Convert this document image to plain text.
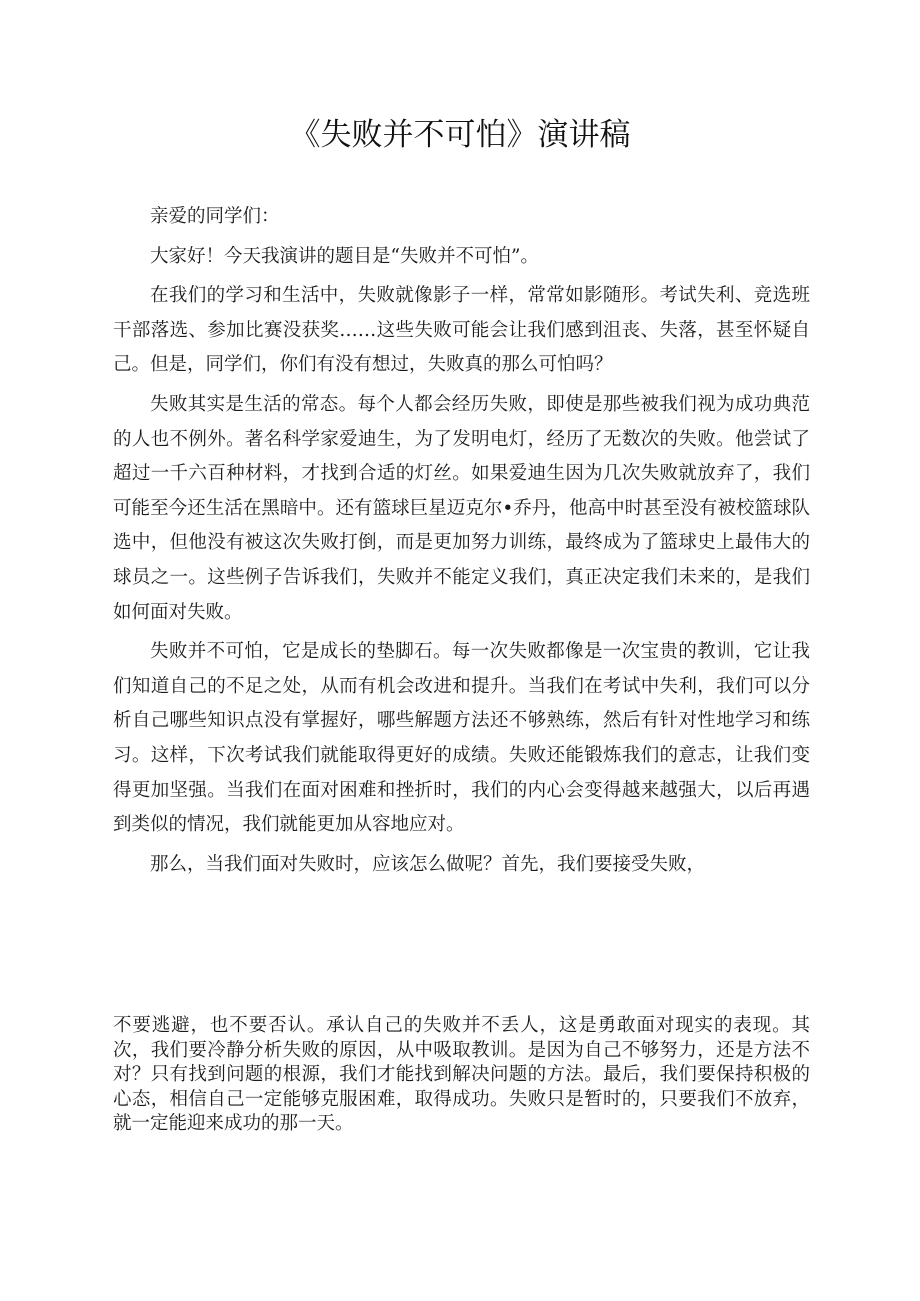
《失败并不可怕》演讲稿

亲爱的同学们：

大家好！今天我演讲的题目是“失败并不可怕”。

在我们的学习和生活中，失败就像影子一样，常常如影随形。考试失利、竞选班干部落选、参加比赛没获奖……这些失败可能会让我们感到沮丧、失落，甚至怀疑自己。但是，同学们，你们有没有想过，失败真的那么可怕吗？

失败其实是生活的常态。每个人都会经历失败，即使是那些被我们视为成功典范的人也不例外。著名科学家爱迪生，为了发明电灯，经历了无数次的失败。他尝试了超过一千六百种材料，才找到合适的灯丝。如果爱迪生因为几次失败就放弃了，我们可能至今还生活在黑暗中。还有篮球巨星迈克尔•乔丹，他高中时甚至没有被校篮球队选中，但他没有被这次失败打倒，而是更加努力训练，最终成为了篮球史上最伟大的球员之一。这些例子告诉我们，失败并不能定义我们，真正决定我们未来的，是我们如何面对失败。

失败并不可怕，它是成长的垫脚石。每一次失败都像是一次宝贵的教训，它让我们知道自己的不足之处，从而有机会改进和提升。当我们在考试中失利，我们可以分析自己哪些知识点没有掌握好，哪些解题方法还不够熟练，然后有针对性地学习和练习。这样，下次考试我们就能取得更好的成绩。失败还能锻炼我们的意志，让我们变得更加坚强。当我们在面对困难和挫折时，我们的内心会变得越来越强大，以后再遇到类似的情况，我们就能更加从容地应对。

那么，当我们面对失败时，应该怎么做呢？首先，我们要接受失败，

不要逃避，也不要否认。承认自己的失败并不丢人，这是勇敢面对现实的表现。其次，我们要冷静分析失败的原因，从中吸取教训。是因为自己不够努力，还是方法不对？只有找到问题的根源，我们才能找到解决问题的方法。最后，我们要保持积极的心态，相信自己一定能够克服困难，取得成功。失败只是暂时的，只要我们不放弃，就一定能迎来成功的那一天。
